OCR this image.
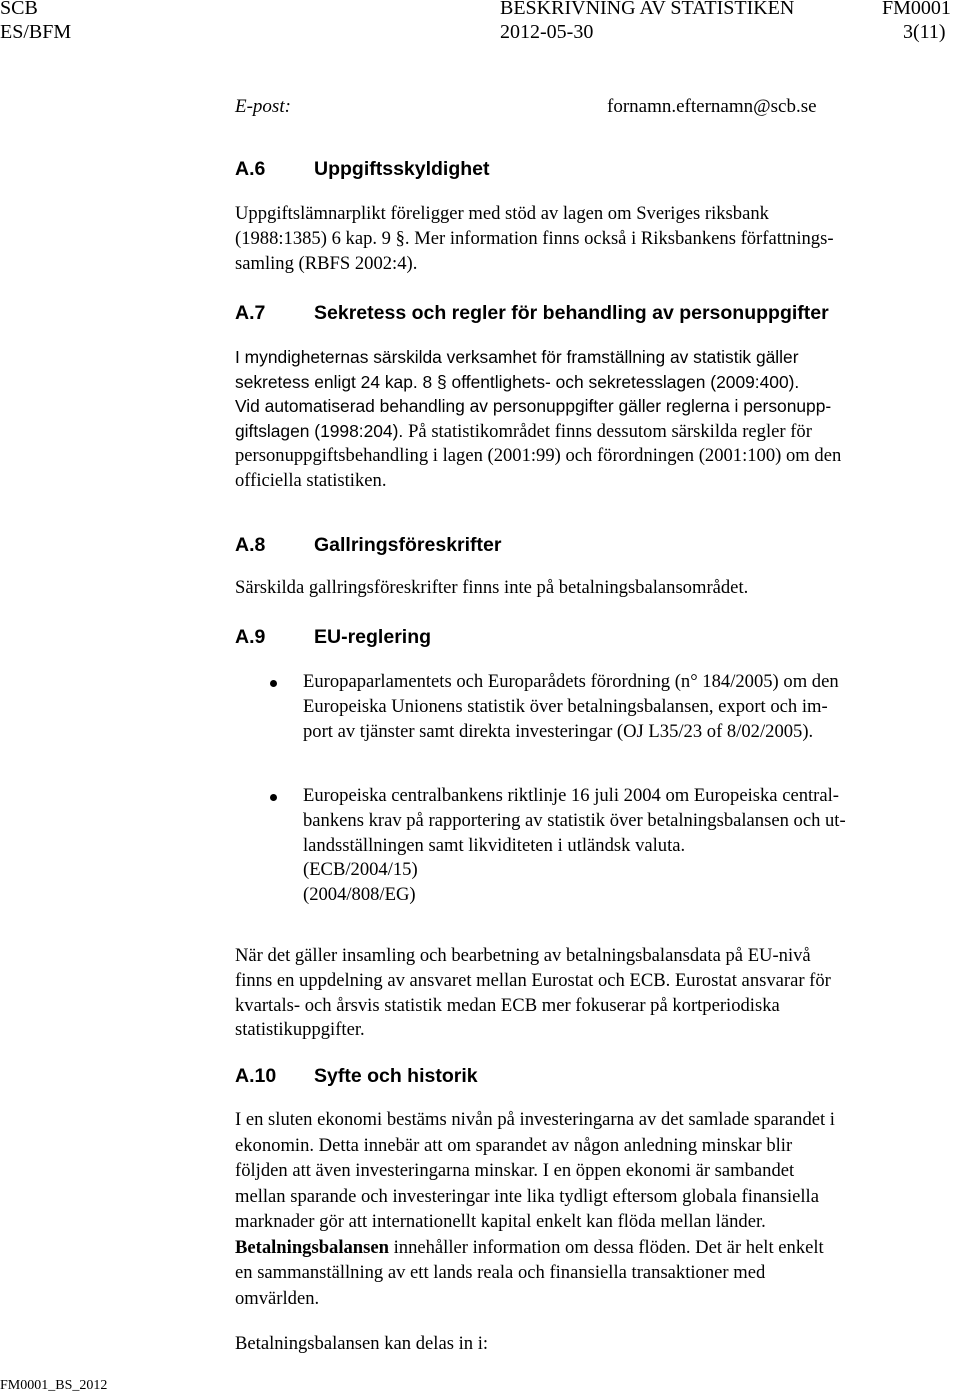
SCB
ES/BFM
BESKRIVNING AV STATISTIKEN
2012-05-30
FM0001
3(11)
E-post:	fornamn.efternamn@scb.se
A.6 Uppgiftsskyldighet
Uppgiftslämnarplikt föreligger med stöd av lagen om Sveriges riksbank
(1988:1385) 6 kap. 9 §. Mer information finns också i Riksbankens författnings-
samling (RBFS 2002:4).
A.7 Sekretess och regler för behandling av personuppgifter
I myndigheternas särskilda verksamhet för framställning av statistik gäller
sekretess enligt 24 kap. 8 § offentlighets- och sekretesslagen (2009:400).
Vid automatiserad behandling av personuppgifter gäller reglerna i personupp-
giftslagen (1998:204). På statistikområdet finns dessutom särskilda regler för
personuppgiftsbehandling i lagen (2001:99) och förordningen (2001:100) om den
officiella statistiken.
A.8 Gallringsföreskrifter
Särskilda gallringsföreskrifter finns inte på betalningsbalansområdet.
A.9 EU-reglering
Europaparlamentets och Europarådets förordning (n° 184/2005) om den
Europeiska Unionens statistik över betalningsbalansen, export och im-
port av tjänster samt direkta investeringar (OJ L35/23 of 8/02/2005).
Europeiska centralbankens riktlinje 16 juli 2004 om Europeiska central-
bankens krav på rapportering av statistik över betalningsbalansen och ut-
landsställningen samt likviditeten i utländsk valuta.
(ECB/2004/15)
(2004/808/EG)
När det gäller insamling och bearbetning av betalningsbalansdata på EU-nivå
finns en uppdelning av ansvaret mellan Eurostat och ECB. Eurostat ansvarar för
kvartals- och årsvis statistik medan ECB mer fokuserar på kortperiodiska
statistikuppgifter.
A.10 Syfte och historik
I en sluten ekonomi bestäms nivån på investeringarna av det samlade sparandet i
ekonomin. Detta innebär att om sparandet av någon anledning minskar blir
följden att även investeringarna minskar. I en öppen ekonomi är sambandet
mellan sparande och investeringar inte lika tydligt eftersom globala finansiella
marknader gör att internationellt kapital enkelt kan flöda mellan länder.
Betalningsbalansen innehåller information om dessa flöden. Det är helt enkelt
en sammanställning av ett lands reala och finansiella transaktioner med
omvärlden.
Betalningsbalansen kan delas in i:
FM0001_BS_2012
